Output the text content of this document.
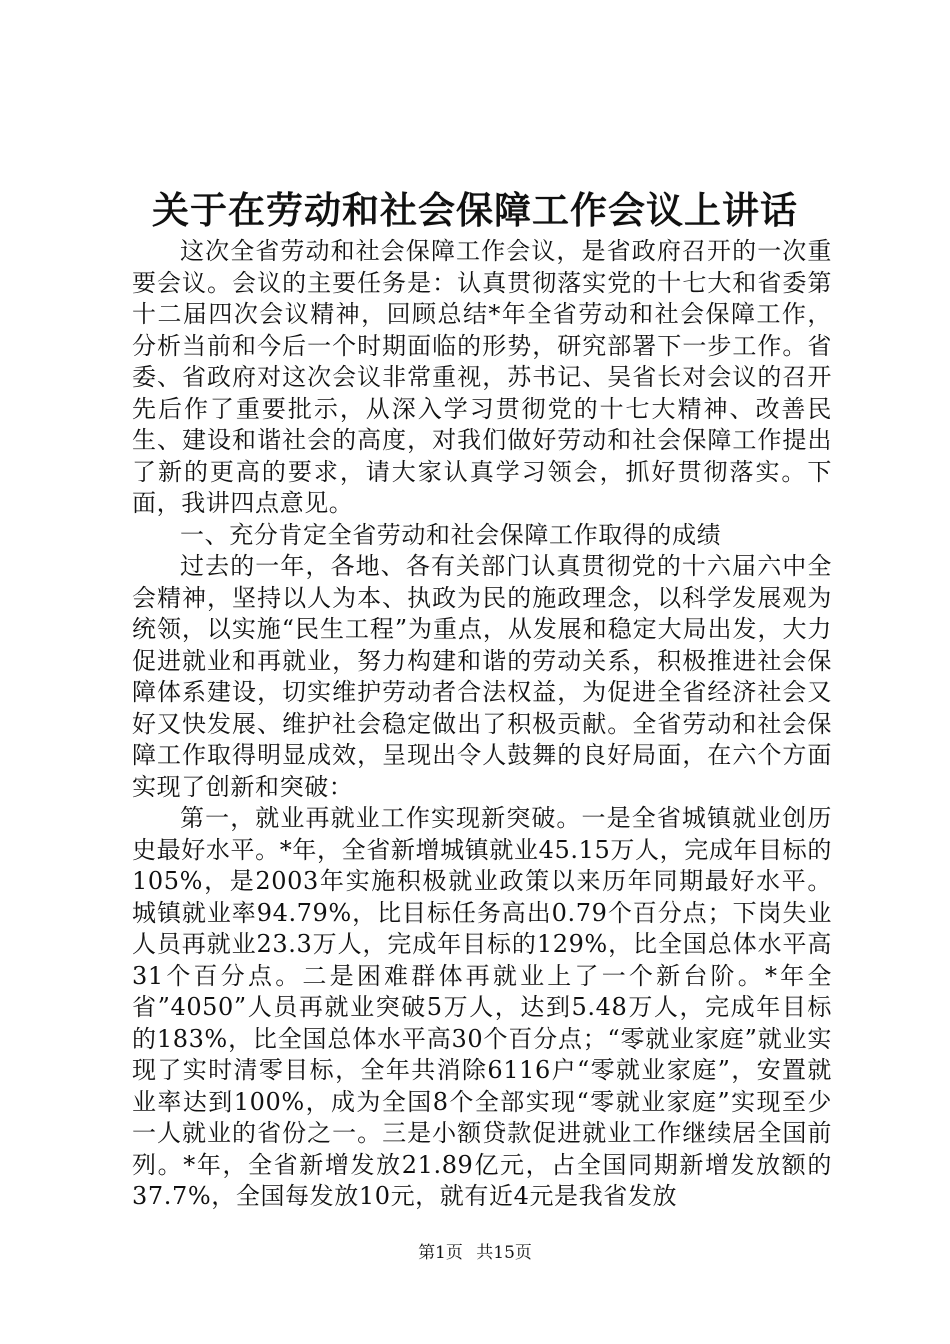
关于在劳动和社会保障工作会议上讲话

这次全省劳动和社会保障工作会议，是省政府召开的一次重要会议。会议的主要任务是：认真贯彻落实党的十七大和省委第十二届四次会议精神，回顾总结*年全省劳动和社会保障工作，分析当前和今后一个时期面临的形势，研究部署下一步工作。省委、省政府对这次会议非常重视，苏书记、吴省长对会议的召开先后作了重要批示，从深入学习贯彻党的十七大精神、改善民生、建设和谐社会的高度，对我们做好劳动和社会保障工作提出了新的更高的要求，请大家认真学习领会，抓好贯彻落实。下面，我讲四点意见。

一、充分肯定全省劳动和社会保障工作取得的成绩

过去的一年，各地、各有关部门认真贯彻党的十六届六中全会精神，坚持以人为本、执政为民的施政理念，以科学发展观为统领，以实施“民生工程”为重点，从发展和稳定大局出发，大力促进就业和再就业，努力构建和谐的劳动关系，积极推进社会保障体系建设，切实维护劳动者合法权益，为促进全省经济社会又好又快发展、维护社会稳定做出了积极贡献。全省劳动和社会保障工作取得明显成效，呈现出令人鼓舞的良好局面，在六个方面实现了创新和突破：

第一，就业再就业工作实现新突破。一是全省城镇就业创历史最好水平。*年，全省新增城镇就业45.15万人，完成年目标的105%，是2003年实施积极就业政策以来历年同期最好水平。城镇就业率94.79%，比目标任务高出0.79个百分点；下岗失业人员再就业23.3万人，完成年目标的129%，比全国总体水平高31个百分点。二是困难群体再就业上了一个新台阶。*年全省”4050”人员再就业突破5万人，达到5.48万人，完成年目标的183%，比全国总体水平高30个百分点；“零就业家庭”就业实现了实时清零目标，全年共消除6116户“零就业家庭”，安置就业率达到100%，成为全国8个全部实现“零就业家庭”实现至少一人就业的省份之一。三是小额贷款促进就业工作继续居全国前列。*年，全省新增发放21.89亿元，占全国同期新增发放额的37.7%，全国每发放10元，就有近4元是我省发放

第1页 共15页
